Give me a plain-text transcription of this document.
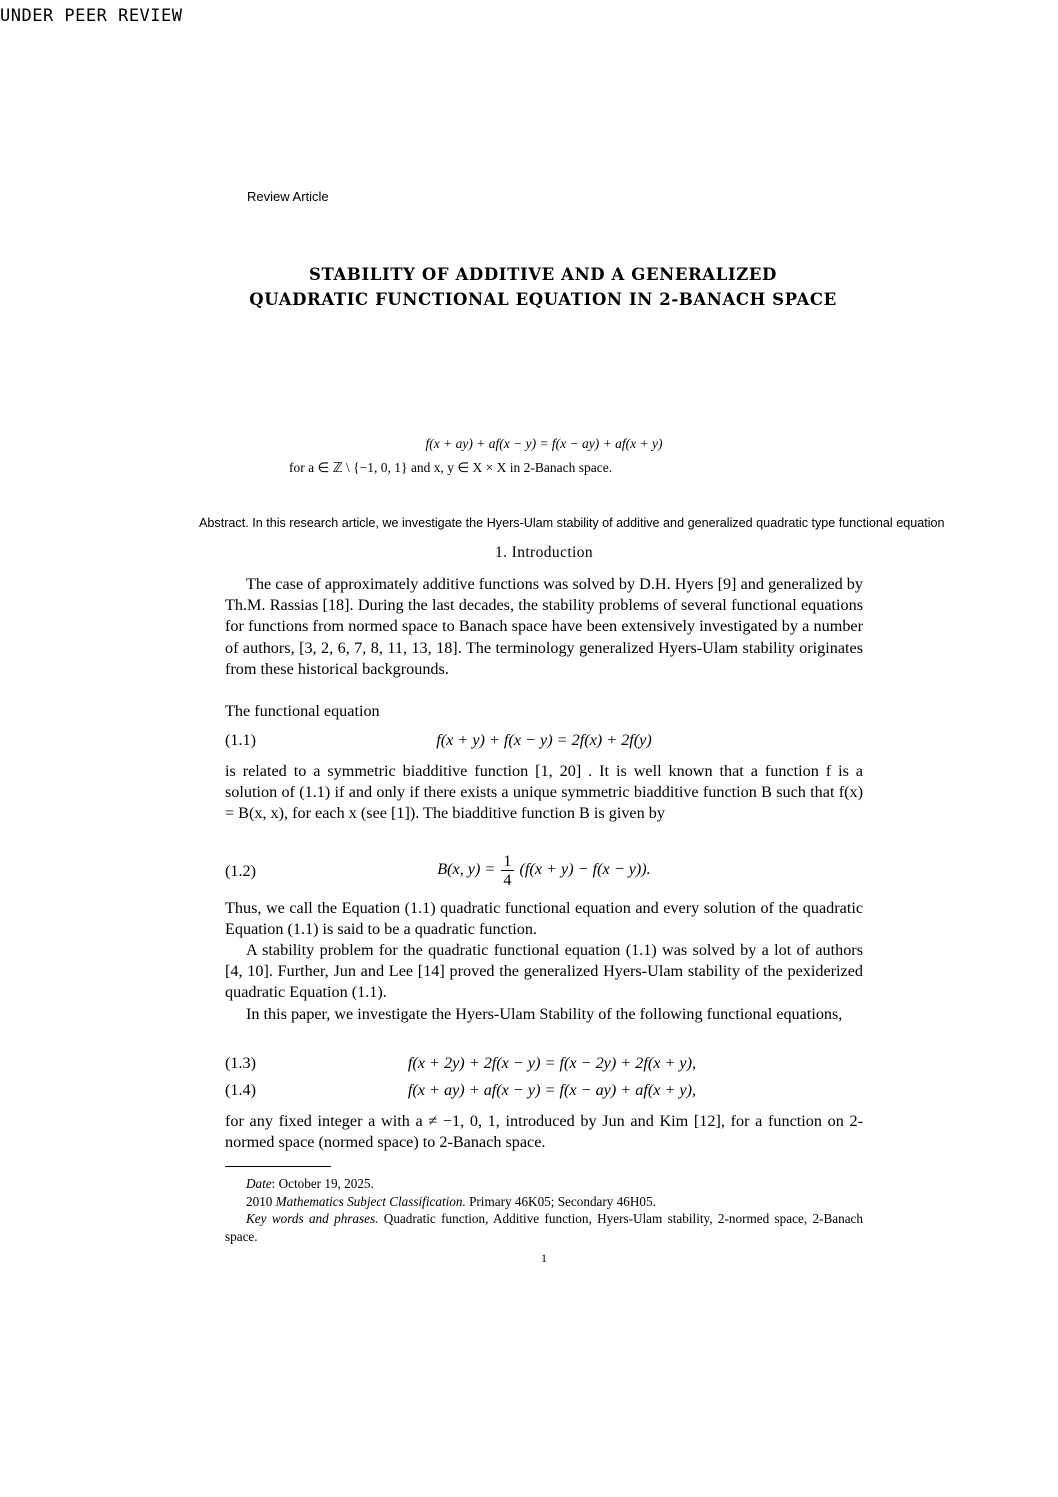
UNDER PEER REVIEW
Review Article
STABILITY OF ADDITIVE AND A GENERALIZED
QUADRATIC FUNCTIONAL EQUATION IN 2-BANACH SPACE
f(x + ay) + af(x − y) = f(x − ay) + af(x + y)
for a ∈ ℤ \ {−1, 0, 1} and x, y ∈ X × X in 2-Banach space.
Abstract. In this research article, we investigate the Hyers-Ulam stability of additive and generalized quadratic type functional equation
1. Introduction
The case of approximately additive functions was solved by D.H. Hyers [9] and generalized by Th.M. Rassias [18]. During the last decades, the stability problems of several functional equations for functions from normed space to Banach space have been extensively investigated by a number of authors, [3, 2, 6, 7, 8, 11, 13, 18]. The terminology generalized Hyers-Ulam stability originates from these historical backgrounds.
The functional equation
(1.1)	f(x + y) + f(x − y) = 2f(x) + 2f(y)
is related to a symmetric biadditive function [1, 20] . It is well known that a function f is a solution of (1.1) if and only if there exists a unique symmetric biadditive function B such that f(x) = B(x, x), for each x (see [1]). The biadditive function B is given by
(1.2)	B(x, $y) = \frac{1}{4} (f(x + y) - f(x - y))$.
Thus, we call the Equation (1.1) quadratic functional equation and every solution of the quadratic Equation (1.1) is said to be a quadratic function.
A stability problem for the quadratic functional equation (1.1) was solved by a lot of authors [4, 10]. Further, Jun and Lee [14] proved the generalized Hyers-Ulam stability of the pexiderized quadratic Equation (1.1).
In this paper, we investigate the Hyers-Ulam Stability of the following functional equations,
(1.3)	f(x + 2y) + 2f(x − y) = f(x − 2y) + 2f(x + y),
(1.4)	f(x + ay) + af(x − y) = f(x − ay) + af(x + y),
for any fixed integer a with a ≠ −1, 0, 1, introduced by Jun and Kim [12], for a function on 2-normed space (normed space) to 2-Banach space.
Date: October 19, 2025.
2010 Mathematics Subject Classification. Primary 46K05; Secondary 46H05.
Key words and phrases. Quadratic function, Additive function, Hyers-Ulam stability, 2-normed space, 2-Banach space.
1
